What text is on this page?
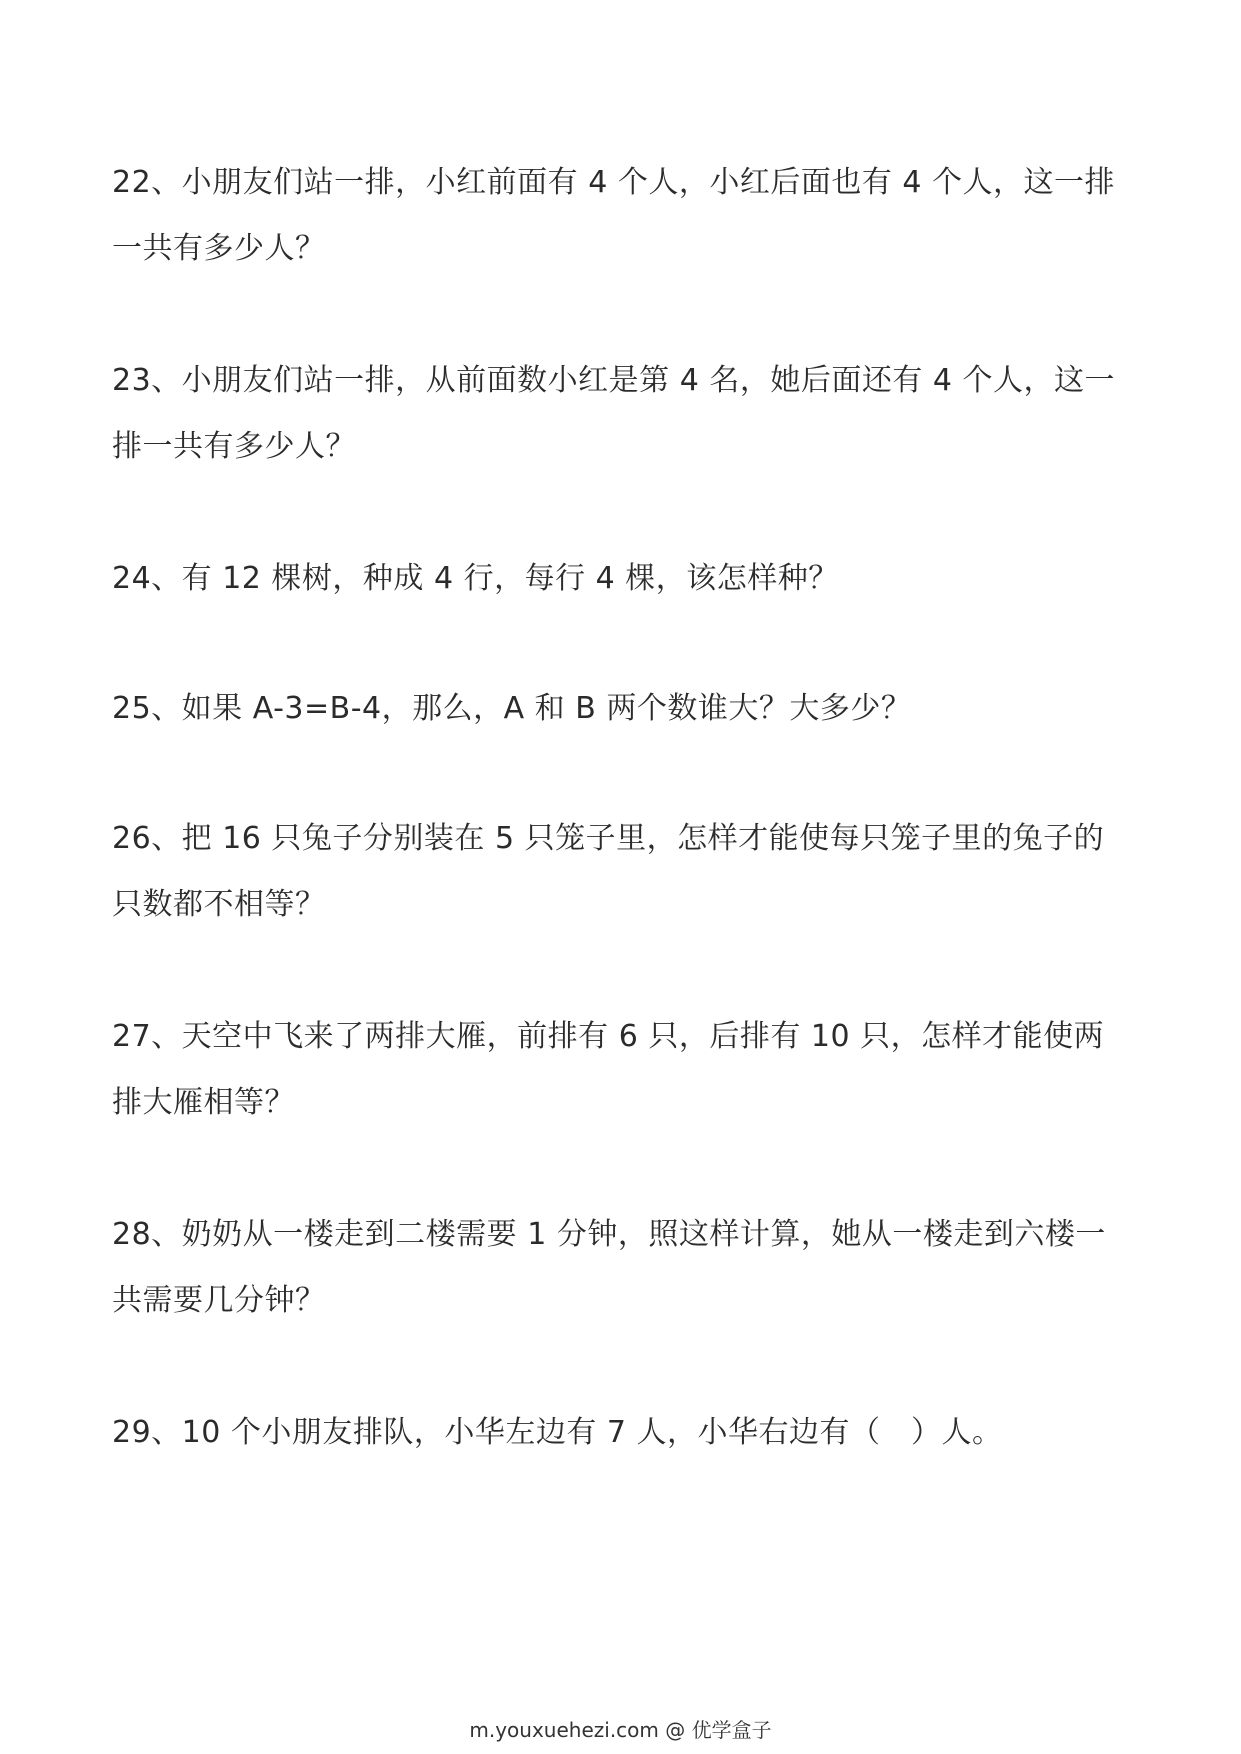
22、小朋友们站一排，小红前面有 4 个人，小红后面也有 4 个人，这一排一共有多少人？

23、小朋友们站一排，从前面数小红是第 4 名，她后面还有 4 个人，这一排一共有多少人？

24、有 12 棵树，种成 4 行，每行 4 棵，该怎样种？

25、如果 A-3=B-4，那么，A 和 B 两个数谁大？大多少？

26、把 16 只兔子分别装在 5 只笼子里，怎样才能使每只笼子里的兔子的只数都不相等？

27、天空中飞来了两排大雁，前排有 6 只，后排有 10 只，怎样才能使两排大雁相等？

28、奶奶从一楼走到二楼需要 1 分钟，照这样计算，她从一楼走到六楼一共需要几分钟？

29、10 个小朋友排队，小华左边有 7 人，小华右边有（　）人。

m.youxuehezi.com @ 优学盒子
